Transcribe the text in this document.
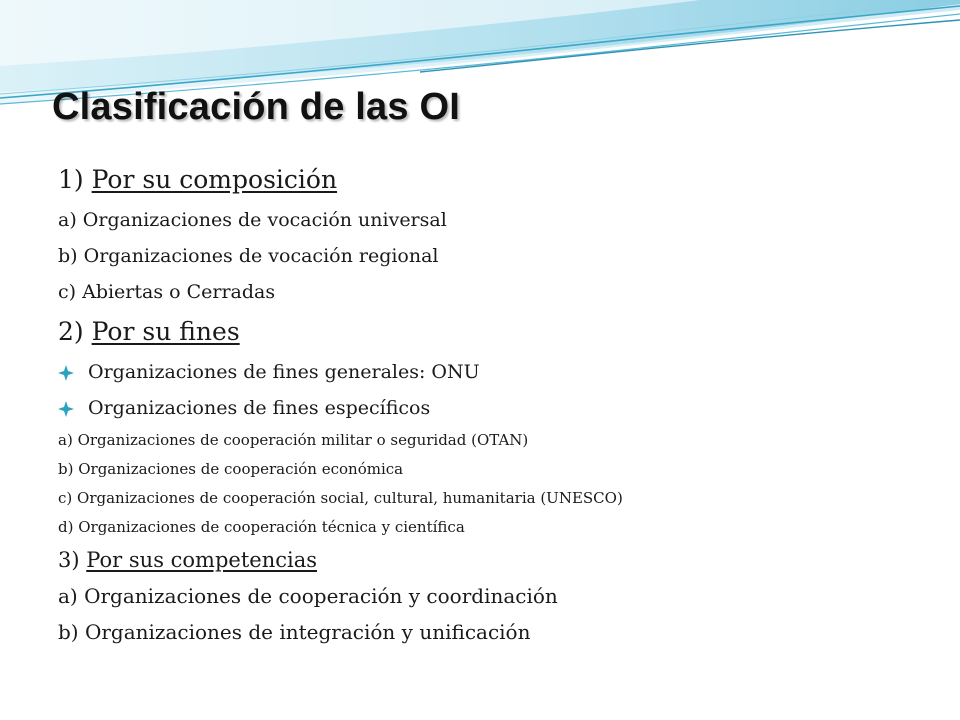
Clasificación de las OI

1) Por su composición

a) Organizaciones de vocación universal

b) Organizaciones de vocación regional

c) Abiertas o Cerradas

2) Por su fines

Organizaciones de fines generales: ONU

Organizaciones de fines específicos

a) Organizaciones de cooperación militar o seguridad (OTAN)

b) Organizaciones de cooperación económica

c) Organizaciones de cooperación social, cultural, humanitaria (UNESCO)

d) Organizaciones de cooperación técnica y científica

3) Por sus competencias

a) Organizaciones de cooperación y coordinación

b) Organizaciones de integración y unificación
